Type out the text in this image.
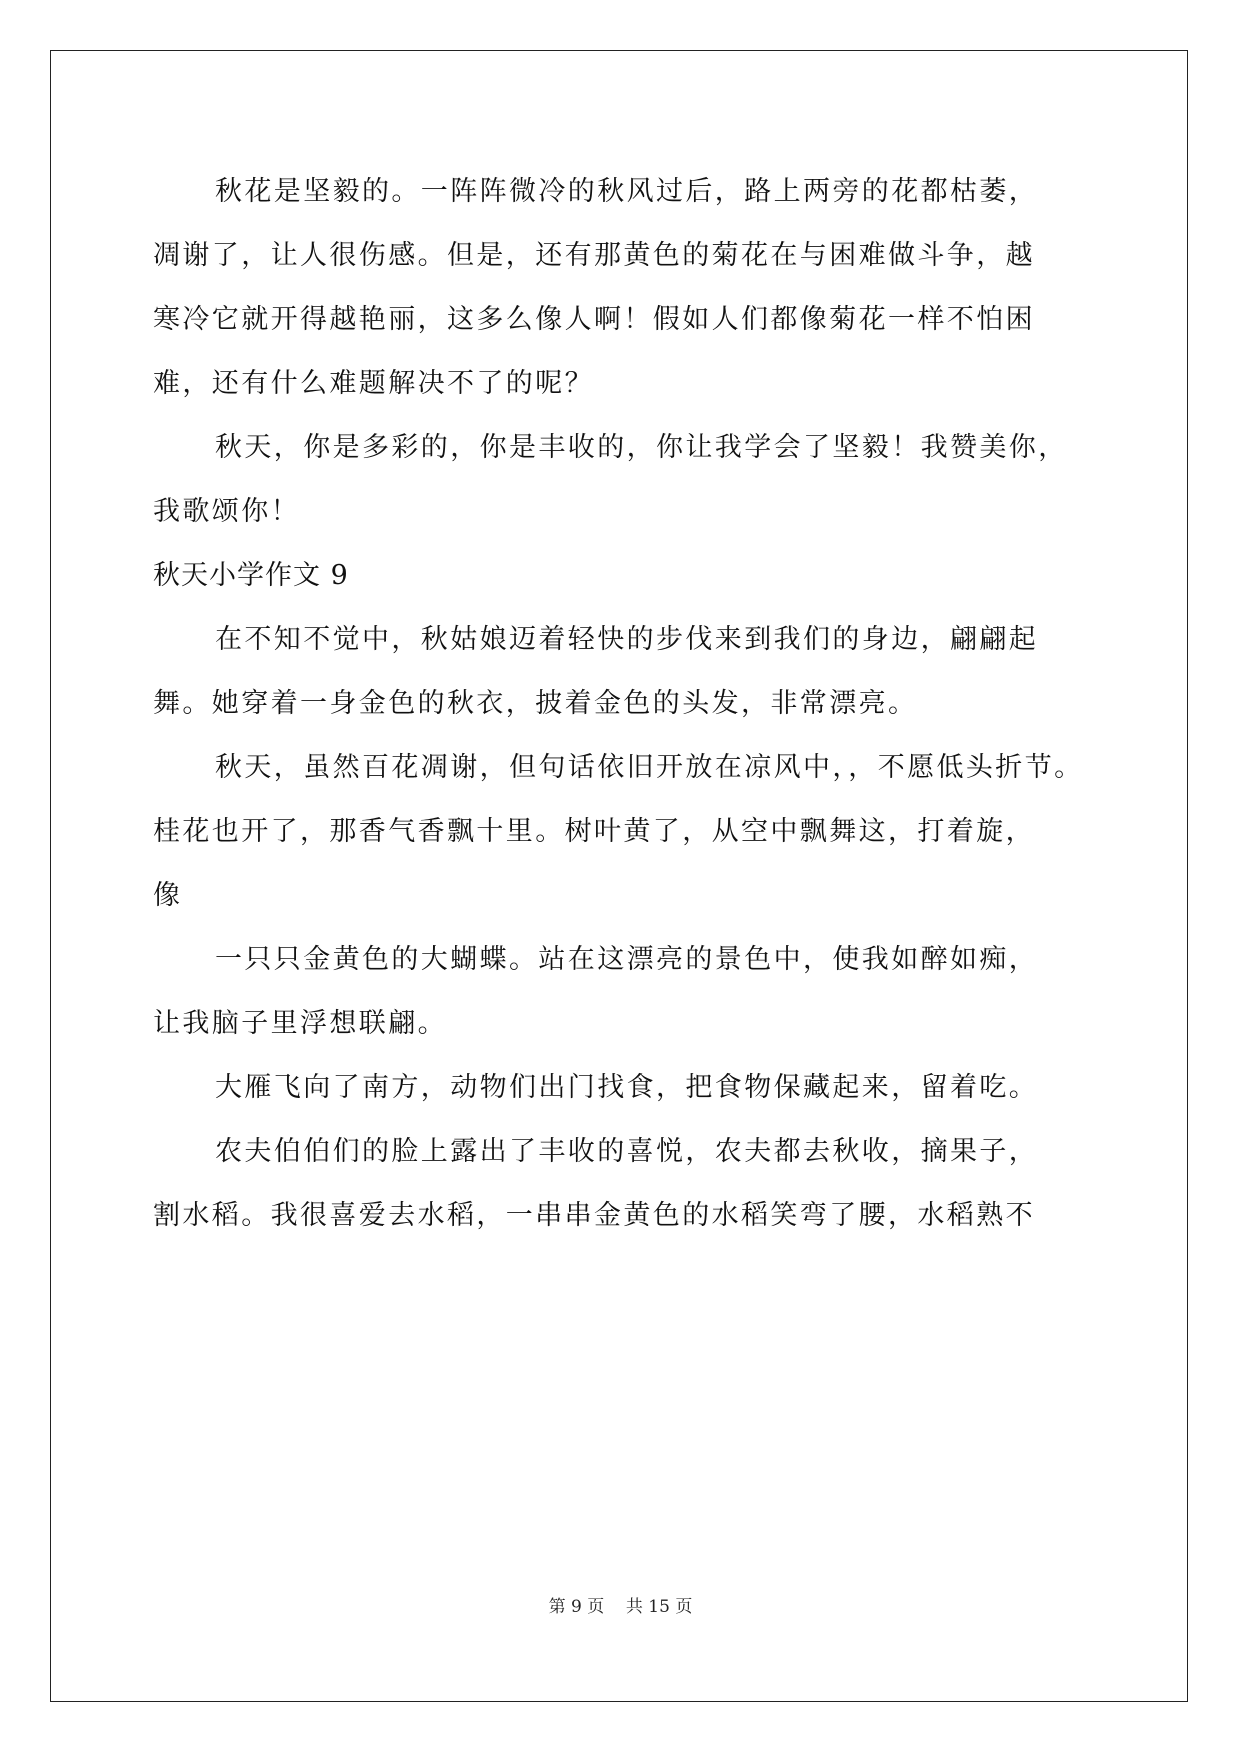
秋花是坚毅的。一阵阵微冷的秋风过后，路上两旁的花都枯萎，
凋谢了，让人很伤感。但是，还有那黄色的菊花在与困难做斗争，越
寒冷它就开得越艳丽，这多么像人啊！假如人们都像菊花一样不怕困
难，还有什么难题解决不了的呢？
秋天，你是多彩的，你是丰收的，你让我学会了坚毅！我赞美你，
我歌颂你！
秋天小学作文 9
在不知不觉中，秋姑娘迈着轻快的步伐来到我们的身边，翩翩起
舞。她穿着一身金色的秋衣，披着金色的头发，非常漂亮。
秋天，虽然百花凋谢，但句话依旧开放在凉风中，，不愿低头折节。
桂花也开了，那香气香飘十里。树叶黄了，从空中飘舞这，打着旋，
像
一只只金黄色的大蝴蝶。站在这漂亮的景色中，使我如醉如痴，
让我脑子里浮想联翩。
大雁飞向了南方，动物们出门找食，把食物保藏起来，留着吃。
农夫伯伯们的脸上露出了丰收的喜悦，农夫都去秋收，摘果子，
割水稻。我很喜爱去水稻，一串串金黄色的水稻笑弯了腰，水稻熟不
第 9 页    共 15 页
